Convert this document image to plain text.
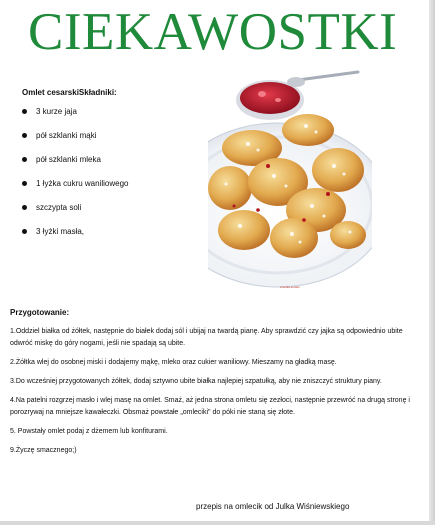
CIEKAWOSTKI
Omlet cesarskiSkładniki:
3 kurze jaja
pół szklanki mąki
pół szklanki mleka
1 łyżka cukru waniliowego
szczypta soli
3 łyżki masła,
kronika-smaku
Przygotowanie:

1.Oddziel białka od żółtek, następnie do białek dodaj sól i ubijaj na twardą pianę. Aby sprawdzić czy jajka są odpowiednio ubite odwróć miskę do góry nogami, jeśli nie spadają są ubite.

2.Żółtka wlej do osobnej miski i dodajemy mąkę, mleko oraz cukier waniliowy. Mieszamy na gładką masę.

3.Do wcześniej przygotowanych żółtek, dodaj sztywno ubite białka najlepiej szpatułką, aby nie zniszczyć struktury piany.

4.Na patelni rozgrzej masło i wlej masę na omlet. Smaż, aż jedna strona omletu się zezłoci, następnie przewróć na drugą stronę i porozrywaj na mniejsze kawałeczki. Obsmaż powstałe „omleciki" do póki nie staną się złote.

5. Powstały omlet podaj z dżemem lub konfiturami.

9.Życzę smacznego;)

przepis na omlecik od Julka Wiśniewskiego
